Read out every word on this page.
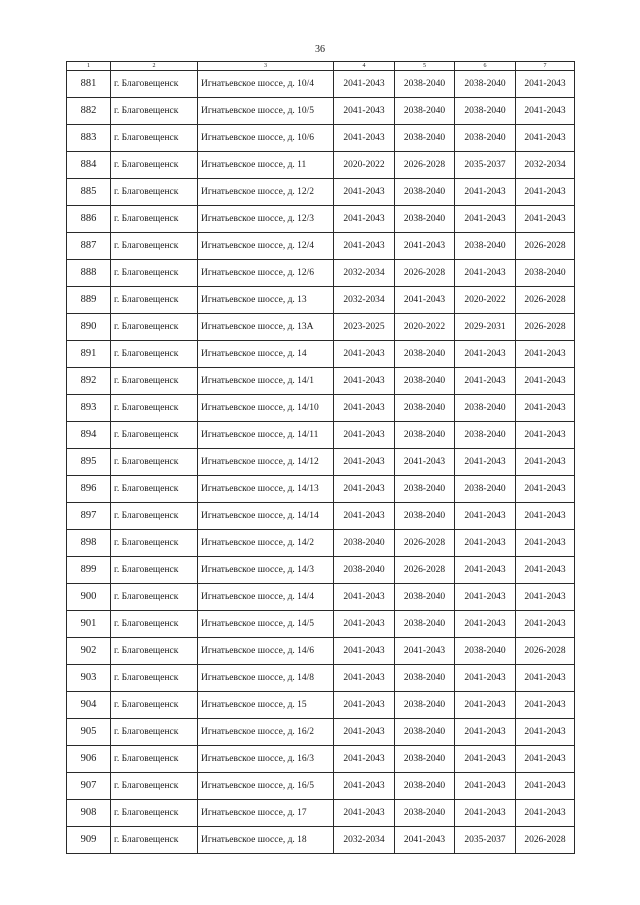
36
1	2	3	4	5	6	7
881	г. Благовещенск	Игнатьевское шоссе, д. 10/4	2041-2043	2038-2040	2038-2040	2041-2043
882	г. Благовещенск	Игнатьевское шоссе, д. 10/5	2041-2043	2038-2040	2038-2040	2041-2043
883	г. Благовещенск	Игнатьевское шоссе, д. 10/6	2041-2043	2038-2040	2038-2040	2041-2043
884	г. Благовещенск	Игнатьевское шоссе, д. 11	2020-2022	2026-2028	2035-2037	2032-2034
885	г. Благовещенск	Игнатьевское шоссе, д. 12/2	2041-2043	2038-2040	2041-2043	2041-2043
886	г. Благовещенск	Игнатьевское шоссе, д. 12/3	2041-2043	2038-2040	2041-2043	2041-2043
887	г. Благовещенск	Игнатьевское шоссе, д. 12/4	2041-2043	2041-2043	2038-2040	2026-2028
888	г. Благовещенск	Игнатьевское шоссе, д. 12/6	2032-2034	2026-2028	2041-2043	2038-2040
889	г. Благовещенск	Игнатьевское шоссе, д. 13	2032-2034	2041-2043	2020-2022	2026-2028
890	г. Благовещенск	Игнатьевское шоссе, д. 13А	2023-2025	2020-2022	2029-2031	2026-2028
891	г. Благовещенск	Игнатьевское шоссе, д. 14	2041-2043	2038-2040	2041-2043	2041-2043
892	г. Благовещенск	Игнатьевское шоссе, д. 14/1	2041-2043	2038-2040	2041-2043	2041-2043
893	г. Благовещенск	Игнатьевское шоссе, д. 14/10	2041-2043	2038-2040	2038-2040	2041-2043
894	г. Благовещенск	Игнатьевское шоссе, д. 14/11	2041-2043	2038-2040	2038-2040	2041-2043
895	г. Благовещенск	Игнатьевское шоссе, д. 14/12	2041-2043	2041-2043	2041-2043	2041-2043
896	г. Благовещенск	Игнатьевское шоссе, д. 14/13	2041-2043	2038-2040	2038-2040	2041-2043
897	г. Благовещенск	Игнатьевское шоссе, д. 14/14	2041-2043	2038-2040	2041-2043	2041-2043
898	г. Благовещенск	Игнатьевское шоссе, д. 14/2	2038-2040	2026-2028	2041-2043	2041-2043
899	г. Благовещенск	Игнатьевское шоссе, д. 14/3	2038-2040	2026-2028	2041-2043	2041-2043
900	г. Благовещенск	Игнатьевское шоссе, д. 14/4	2041-2043	2038-2040	2041-2043	2041-2043
901	г. Благовещенск	Игнатьевское шоссе, д. 14/5	2041-2043	2038-2040	2041-2043	2041-2043
902	г. Благовещенск	Игнатьевское шоссе, д. 14/6	2041-2043	2041-2043	2038-2040	2026-2028
903	г. Благовещенск	Игнатьевское шоссе, д. 14/8	2041-2043	2038-2040	2041-2043	2041-2043
904	г. Благовещенск	Игнатьевское шоссе, д. 15	2041-2043	2038-2040	2041-2043	2041-2043
905	г. Благовещенск	Игнатьевское шоссе, д. 16/2	2041-2043	2038-2040	2041-2043	2041-2043
906	г. Благовещенск	Игнатьевское шоссе, д. 16/3	2041-2043	2038-2040	2041-2043	2041-2043
907	г. Благовещенск	Игнатьевское шоссе, д. 16/5	2041-2043	2038-2040	2041-2043	2041-2043
908	г. Благовещенск	Игнатьевское шоссе, д. 17	2041-2043	2038-2040	2041-2043	2041-2043
909	г. Благовещенск	Игнатьевское шоссе, д. 18	2032-2034	2041-2043	2035-2037	2026-2028
